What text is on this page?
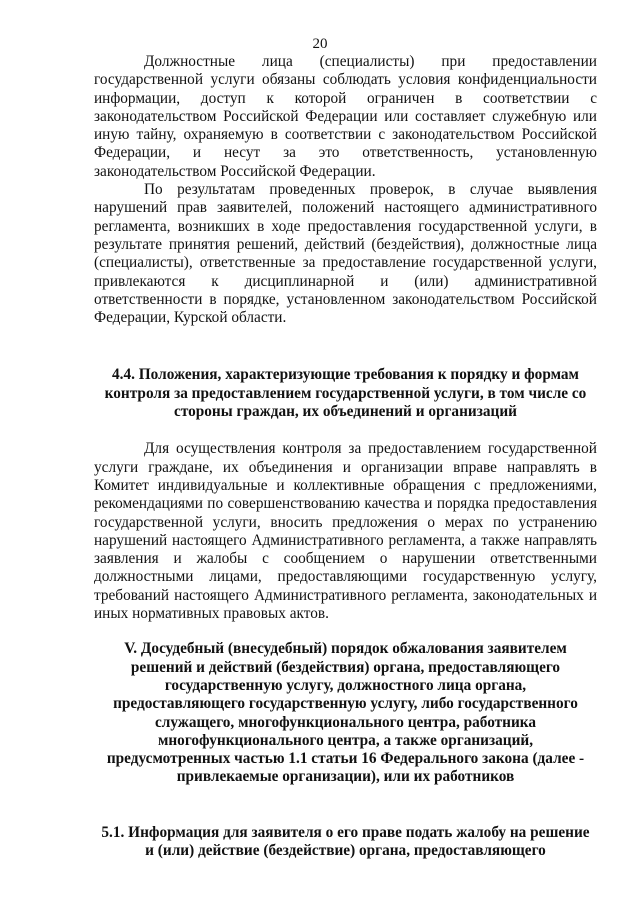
20

Должностные лица (специалисты) при предоставлении государственной услуги обязаны соблюдать условия конфиденциальности информации, доступ к которой ограничен в соответствии с законодательством Российской Федерации или составляет служебную или иную тайну, охраняемую в соответствии с законодательством Российской Федерации, и несут за это ответственность, установленную законодательством Российской Федерации.

По результатам проведенных проверок, в случае выявления нарушений прав заявителей, положений настоящего административного регламента, возникших в ходе предоставления государственной услуги, в результате принятия решений, действий (бездействия), должностные лица (специалисты), ответственные за предоставление государственной услуги, привлекаются к дисциплинарной и (или) административной ответственности в порядке, установленном законодательством Российской Федерации, Курской области.

4.4. Положения, характеризующие требования к порядку и формам контроля за предоставлением государственной услуги, в том числе со стороны граждан, их объединений и организаций

Для осуществления контроля за предоставлением государственной услуги граждане, их объединения и организации вправе направлять в Комитет индивидуальные и коллективные обращения с предложениями, рекомендациями по совершенствованию качества и порядка предоставления государственной услуги, вносить предложения о мерах по устранению нарушений настоящего Административного регламента, а также направлять заявления и жалобы с сообщением о нарушении ответственными должностными лицами, предоставляющими государственную услугу, требований настоящего Административного регламента, законодательных и иных нормативных правовых актов.

V. Досудебный (внесудебный) порядок обжалования заявителем решений и действий (бездействия) органа, предоставляющего государственную услугу, должностного лица органа, предоставляющего государственную услугу, либо государственного служащего, многофункционального центра, работника многофункционального центра, а также организаций, предусмотренных частью 1.1 статьи 16 Федерального закона (далее - привлекаемые организации), или их работников

5.1. Информация для заявителя о его праве подать жалобу на решение и (или) действие (бездействие) органа, предоставляющего
